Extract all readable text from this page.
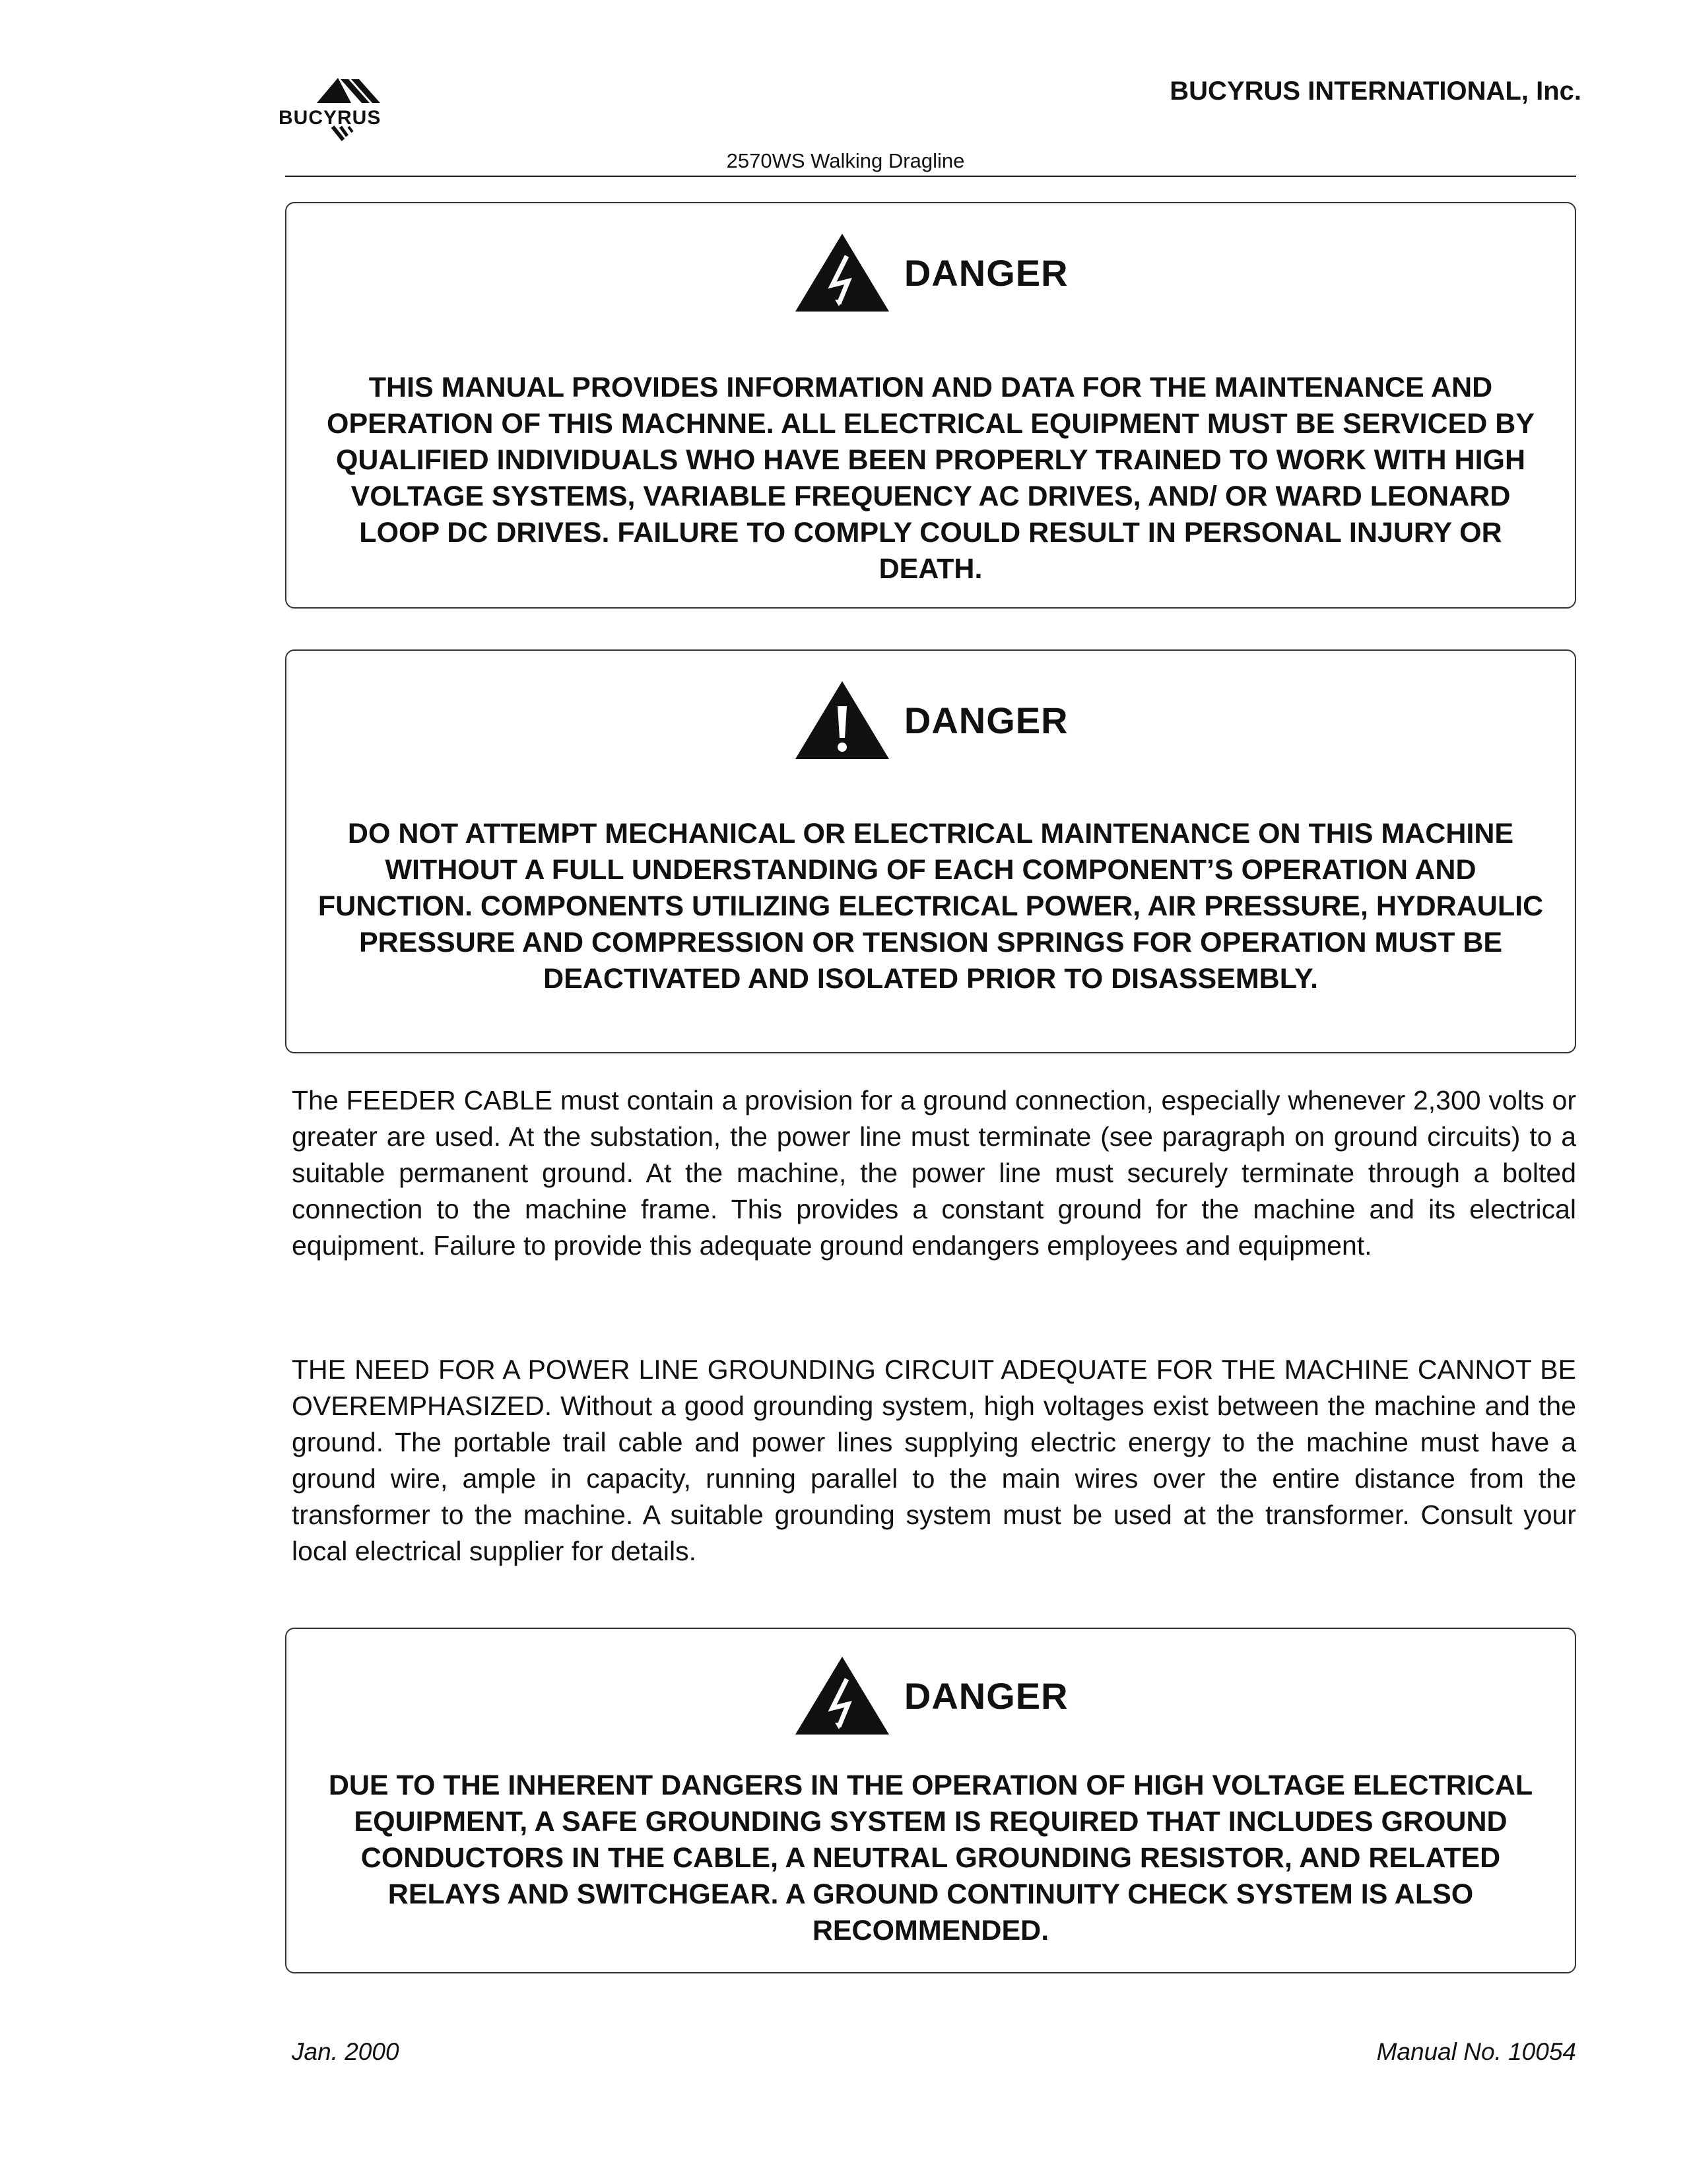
BUCYRUS
BUCYRUS INTERNATIONAL, Inc.
2570WS Walking Dragline
DANGER
THIS MANUAL PROVIDES INFORMATION AND DATA FOR THE MAINTENANCE AND OPERATION OF THIS MACHNNE. ALL ELECTRICAL EQUIPMENT MUST BE SERVICED BY QUALIFIED INDIVIDUALS WHO HAVE BEEN PROPERLY TRAINED TO WORK WITH HIGH VOLTAGE SYSTEMS, VARIABLE FREQUENCY AC DRIVES, AND/ OR WARD LEONARD LOOP DC DRIVES. FAILURE TO COMPLY COULD RESULT IN PERSONAL INJURY OR DEATH.
DANGER
DO NOT ATTEMPT MECHANICAL OR ELECTRICAL MAINTENANCE ON THIS MACHINE WITHOUT A FULL UNDERSTANDING OF EACH COMPONENT’S OPERATION AND FUNCTION. COMPONENTS UTILIZING ELECTRICAL POWER, AIR PRESSURE, HYDRAULIC PRESSURE AND COMPRESSION OR TENSION SPRINGS FOR OPERATION MUST BE DEACTIVATED AND ISOLATED PRIOR TO DISASSEMBLY.
The FEEDER CABLE must contain a provision for a ground connection, especially whenever 2,300 volts or greater are used. At the substation, the power line must terminate (see paragraph on ground circuits) to a suitable permanent ground. At the machine, the power line must securely terminate through a bolted connection to the machine frame. This provides a constant ground for the machine and its electrical equipment. Failure to provide this adequate ground endangers employees and equipment.
THE NEED FOR A POWER LINE GROUNDING CIRCUIT ADEQUATE FOR THE MACHINE CANNOT BE OVEREMPHASIZED. Without a good grounding system, high voltages exist between the machine and the ground. The portable trail cable and power lines supplying electric energy to the machine must have a ground wire, ample in capacity, running parallel to the main wires over the entire distance from the transformer to the machine. A suitable grounding system must be used at the transformer. Consult your local electrical supplier for details.
DANGER
DUE TO THE INHERENT DANGERS IN THE OPERATION OF HIGH VOLTAGE ELECTRICAL EQUIPMENT, A SAFE GROUNDING SYSTEM IS REQUIRED THAT INCLUDES GROUND CONDUCTORS IN THE CABLE, A NEUTRAL GROUNDING RESISTOR, AND RELATED RELAYS AND SWITCHGEAR. A GROUND CONTINUITY CHECK SYSTEM IS ALSO RECOMMENDED.
Jan. 2000	Manual No. 10054
